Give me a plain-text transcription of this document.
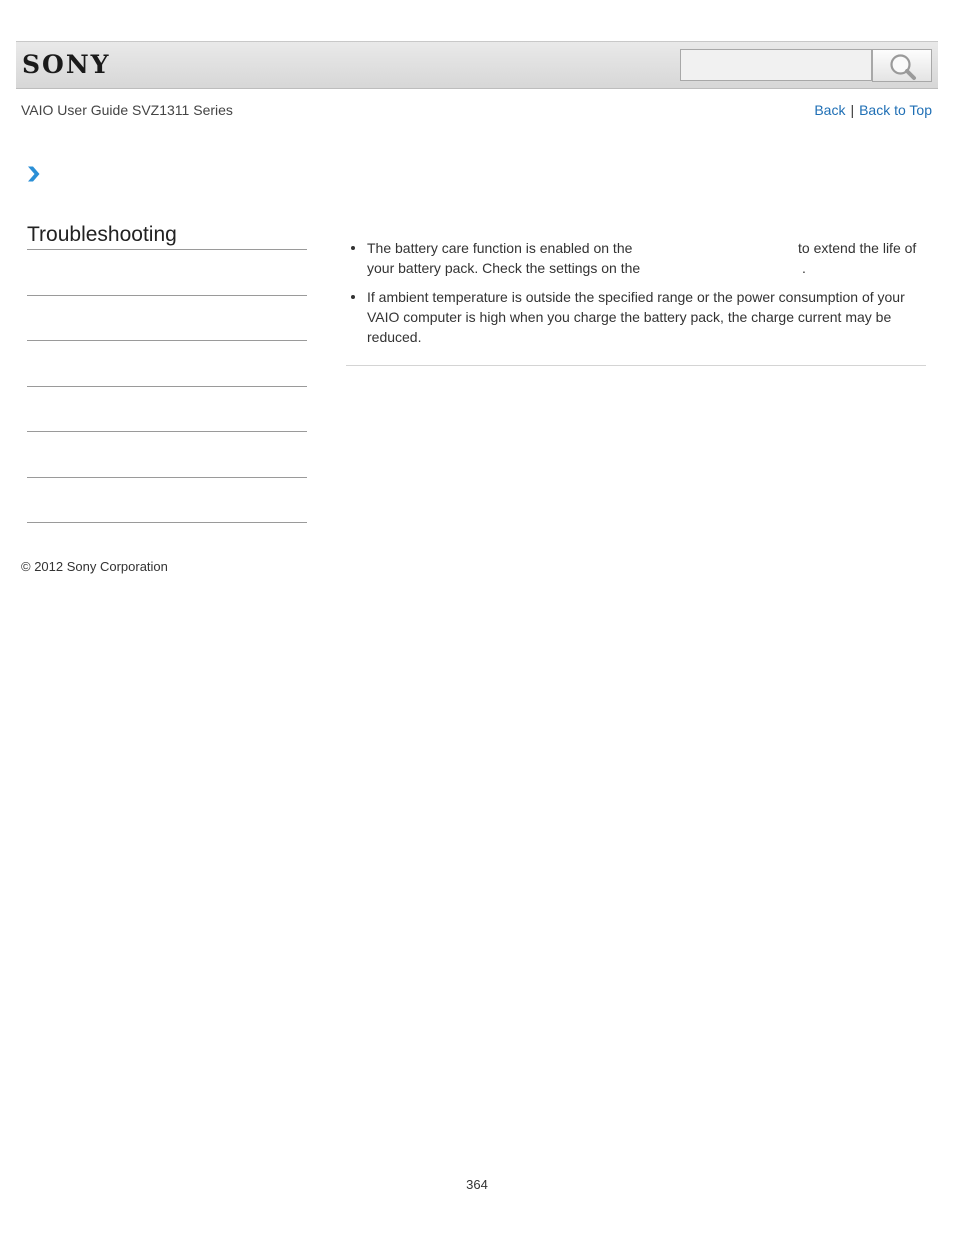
SONY
VAIO User Guide SVZ1311 Series	Back | Back to Top
Troubleshooting
The battery care function is enabled on the	to extend the life of
your battery pack. Check the settings on the	.
If ambient temperature is outside the specified range or the power consumption of your VAIO computer is high when you charge the battery pack, the charge current may be reduced.
© 2012 Sony Corporation
364
